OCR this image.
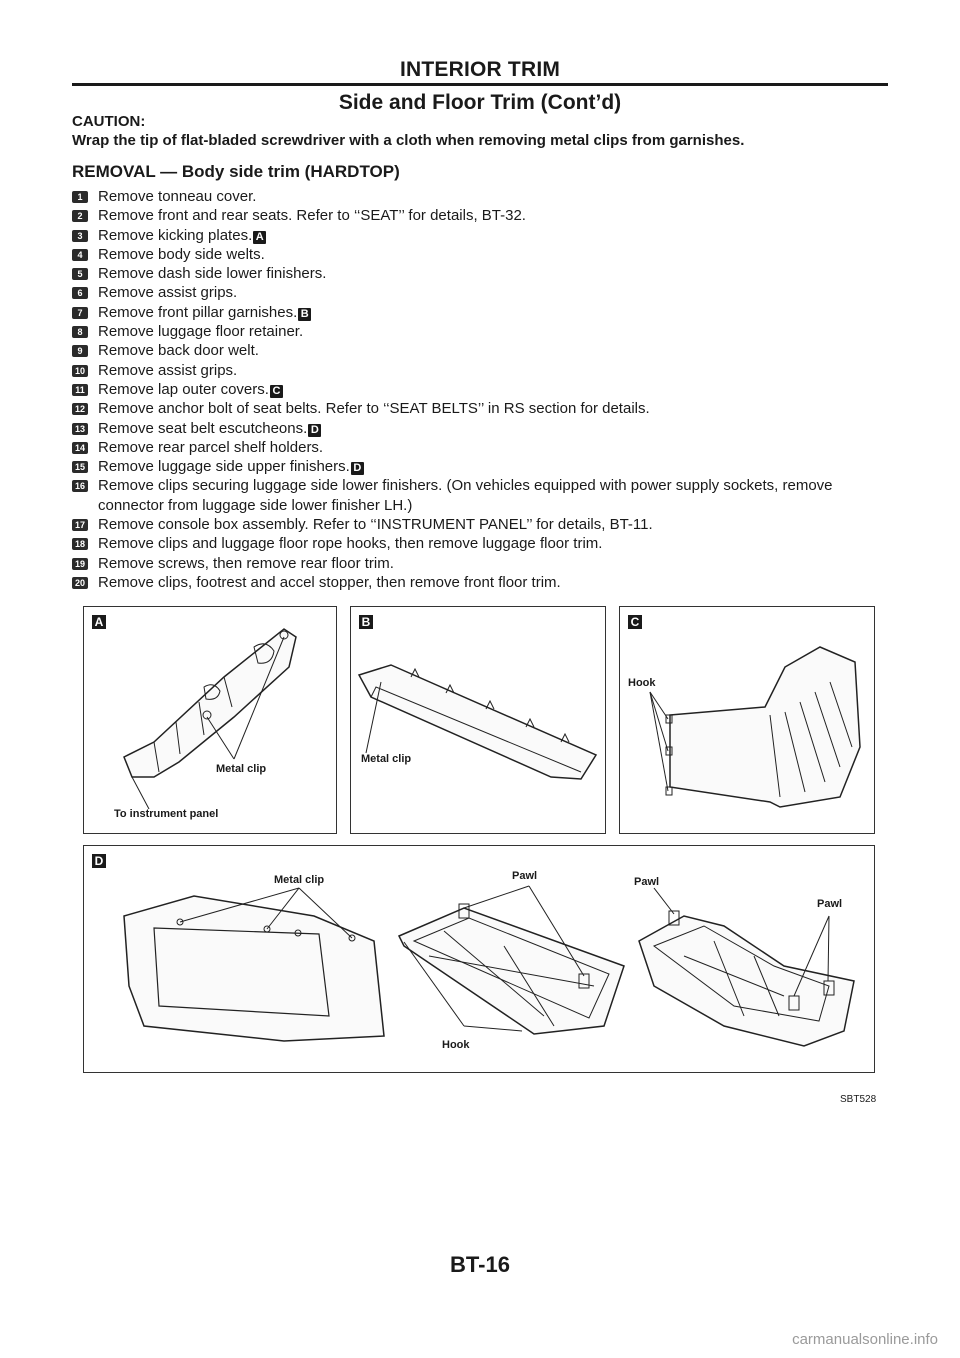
INTERIOR TRIM
Side and Floor Trim (Cont’d)
CAUTION:
Wrap the tip of flat-bladed screwdriver with a cloth when removing metal clips from garnishes.
REMOVAL — Body side trim (HARDTOP)
1	Remove tonneau cover.
2	Remove front and rear seats. Refer to ‘‘SEAT’’ for details, BT-32.
3	Remove kicking plates. A
4	Remove body side welts.
5	Remove dash side lower finishers.
6	Remove assist grips.
7	Remove front pillar garnishes. B
8	Remove luggage floor retainer.
9	Remove back door welt.
10 Remove assist grips.
11 Remove lap outer covers. C
12 Remove anchor bolt of seat belts. Refer to ‘‘SEAT BELTS’’ in RS section for details.
13 Remove seat belt escutcheons. D
14 Remove rear parcel shelf holders.
15 Remove luggage side upper finishers. D
16 Remove clips securing luggage side lower finishers. (On vehicles equipped with power supply sockets, remove connector from luggage side lower finisher LH.)
17 Remove console box assembly. Refer to ‘‘INSTRUMENT PANEL’’ for details, BT-11.
18 Remove clips and luggage floor rope hooks, then remove luggage floor trim.
19 Remove screws, then remove rear floor trim.
20 Remove clips, footrest and accel stopper, then remove front floor trim.
A
Metal clip
To instrument panel
B
Metal clip
C
Hook
D
Metal clip	Pawl	Pawl
Pawl
Hook
SBT528
BT-16
carmanualsonline.info
